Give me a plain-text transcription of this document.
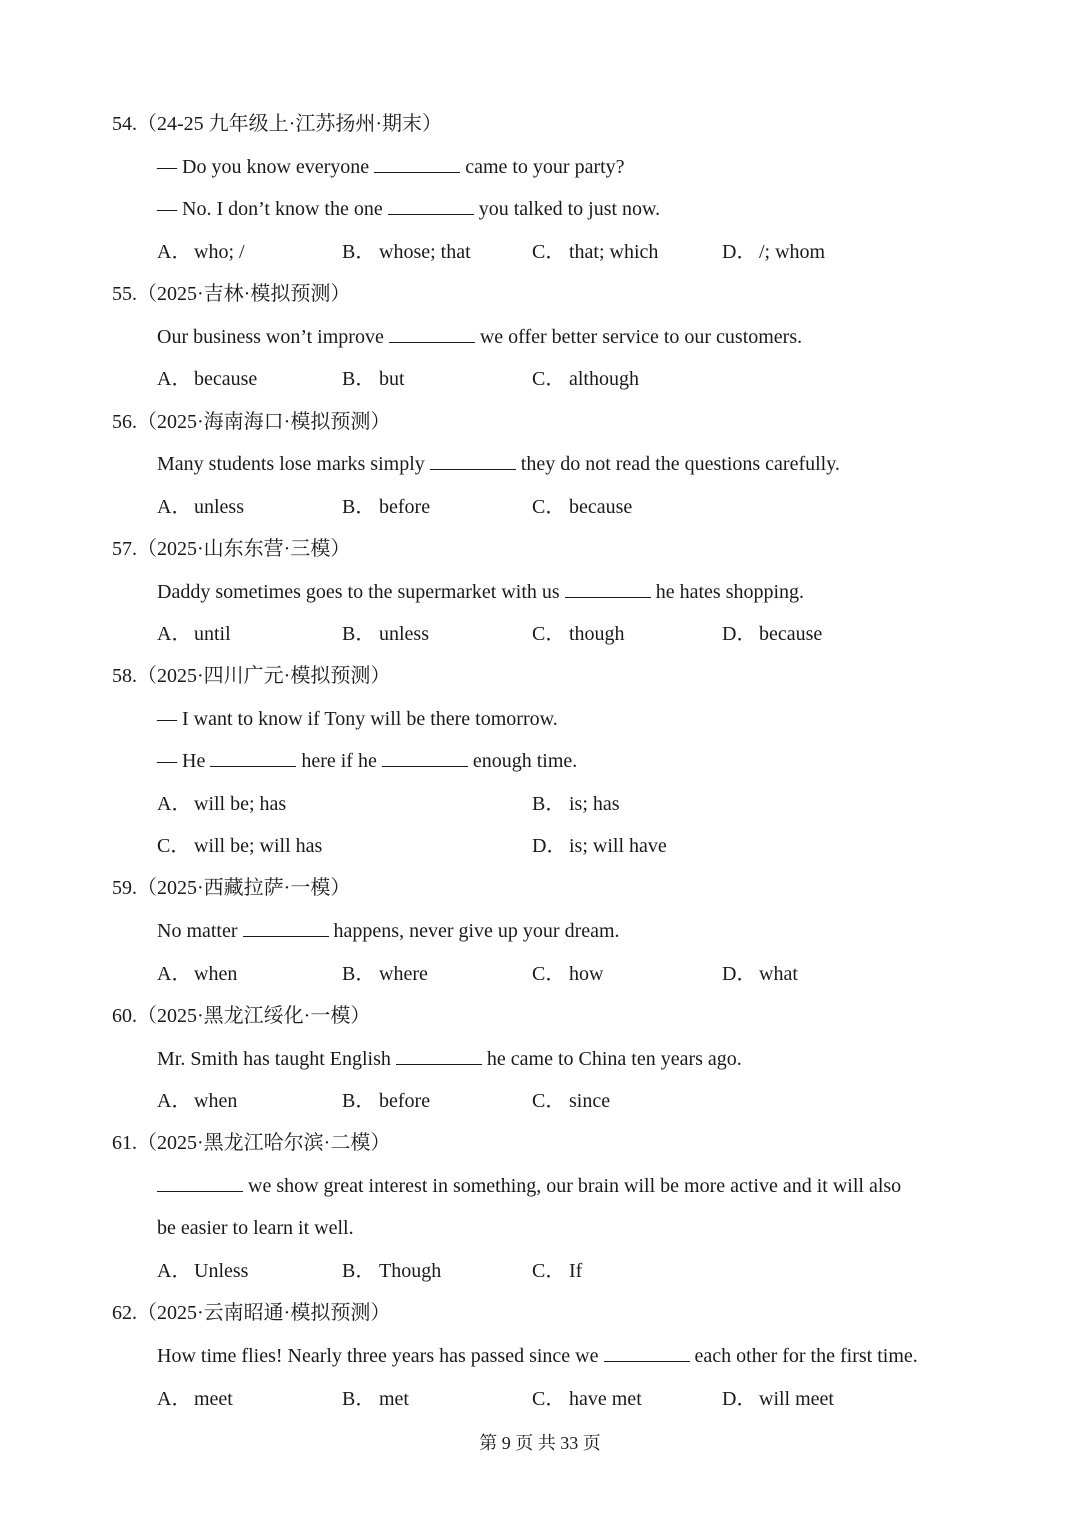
54.（24-25 九年级上·江苏扬州·期末）
— Do you know everyone	came to your party?
— No. I don’t know the one	you talked to just now.
A． who; /	B． whose; that	C． that; which	D． /; whom
55.（2025·吉林·模拟预测）
Our business won’t improve	we offer better service to our customers.
A． because	B． but	C． although
56.（2025·海南海口·模拟预测）
Many students lose marks simply	they do not read the questions carefully.
A． unless	B． before	C． because
57.（2025·山东东营·三模）
Daddy sometimes goes to the supermarket with us	he hates shopping.
A． until	B． unless	C． though	D． because
58.（2025·四川广元·模拟预测）
— I want to know if Tony will be there tomorrow.
— He	here if he	enough time.
A． will be; has	B． is; has
C． will be; will has	D． is; will have
59.（2025·西藏拉萨·一模）
No matter	happens, never give up your dream.
A． when	B． where	C． how	D． what
60.（2025·黑龙江绥化·一模）
Mr. Smith has taught English	he came to China ten years ago.
A． when	B． before	C． since
61.（2025·黑龙江哈尔滨·二模）
we show great interest in something, our brain will be more active and it will also
be easier to learn it well.
A． Unless	B． Though	C． If
62.（2025·云南昭通·模拟预测）
How time flies! Nearly three years has passed since we	each other for the first time.
A． meet	B． met	C． have met	D． will meet
第 9 页 共 33 页
